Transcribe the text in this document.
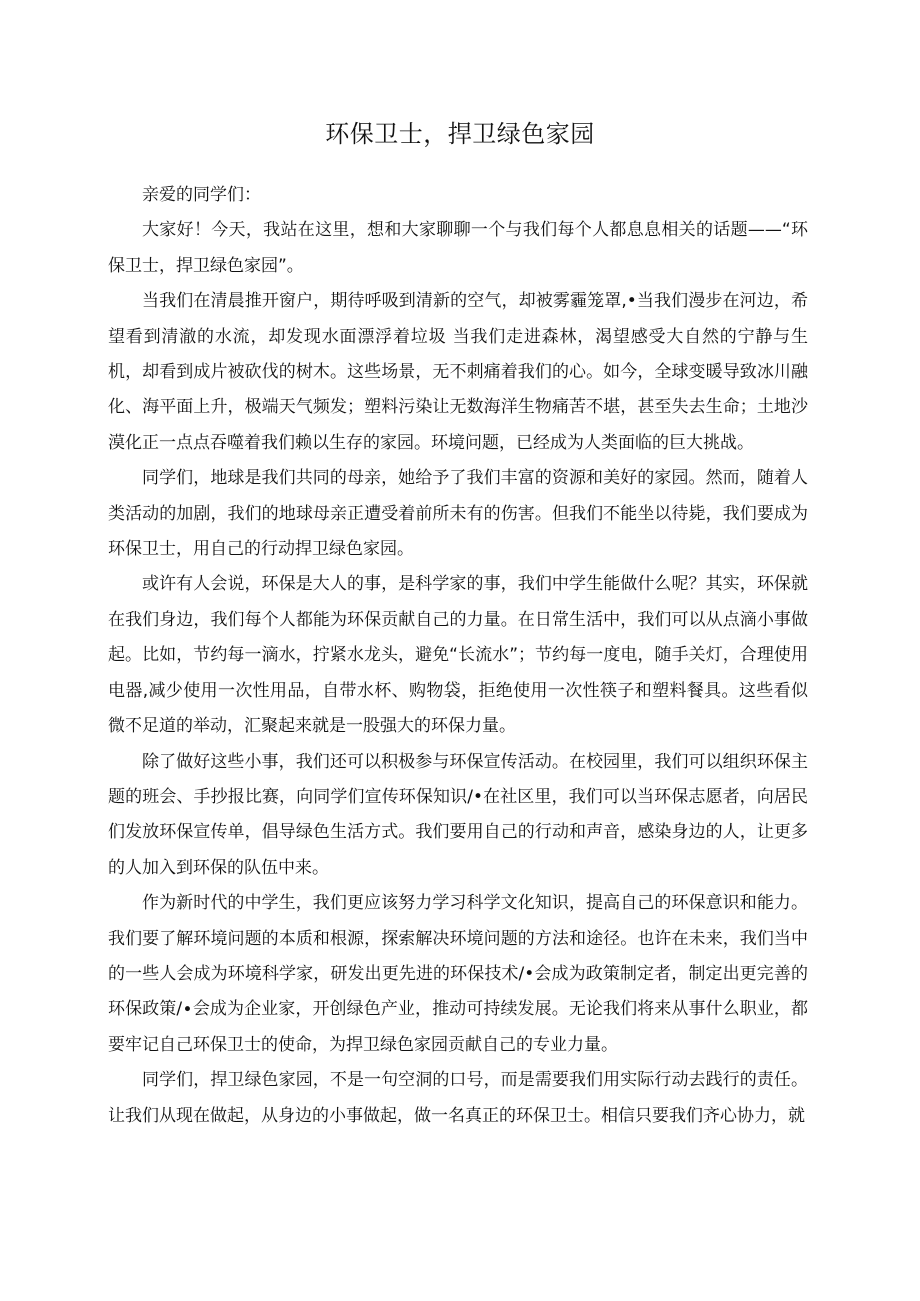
环保卫士，捍卫绿色家园

亲爱的同学们：

大家好！今天，我站在这里，想和大家聊聊一个与我们每个人都息息相关的话题——“环保卫士，捍卫绿色家园”。

当我们在清晨推开窗户，期待呼吸到清新的空气，却被雾霾笼罩,•当我们漫步在河边，希望看到清澈的水流，却发现水面漂浮着垃圾 当我们走进森林，渴望感受大自然的宁静与生机，却看到成片被砍伐的树木。这些场景，无不刺痛着我们的心。如今，全球变暖导致冰川融化、海平面上升，极端天气频发；塑料污染让无数海洋生物痛苦不堪，甚至失去生命；土地沙漠化正一点点吞噬着我们赖以生存的家园。环境问题，已经成为人类面临的巨大挑战。

同学们，地球是我们共同的母亲，她给予了我们丰富的资源和美好的家园。然而，随着人类活动的加剧，我们的地球母亲正遭受着前所未有的伤害。但我们不能坐以待毙，我们要成为环保卫士，用自己的行动捍卫绿色家园。

或许有人会说，环保是大人的事，是科学家的事，我们中学生能做什么呢？其实，环保就在我们身边，我们每个人都能为环保贡献自己的力量。在日常生活中，我们可以从点滴小事做起。比如，节约每一滴水，拧紧水龙头，避免“长流水”；节约每一度电，随手关灯，合理使用电器,减少使用一次性用品，自带水杯、购物袋，拒绝使用一次性筷子和塑料餐具。这些看似微不足道的举动，汇聚起来就是一股强大的环保力量。

除了做好这些小事，我们还可以积极参与环保宣传活动。在校园里，我们可以组织环保主题的班会、手抄报比赛，向同学们宣传环保知识/•在社区里，我们可以当环保志愿者，向居民们发放环保宣传单，倡导绿色生活方式。我们要用自己的行动和声音，感染身边的人，让更多的人加入到环保的队伍中来。

作为新时代的中学生，我们更应该努力学习科学文化知识，提高自己的环保意识和能力。我们要了解环境问题的本质和根源，探索解决环境问题的方法和途径。也许在未来，我们当中的一些人会成为环境科学家，研发出更先进的环保技术/•会成为政策制定者，制定出更完善的环保政策/∙会成为企业家，开创绿色产业，推动可持续发展。无论我们将来从事什么职业，都要牢记自己环保卫士的使命，为捍卫绿色家园贡献自己的专业力量。

同学们，捍卫绿色家园，不是一句空洞的口号，而是需要我们用实际行动去践行的责任。让我们从现在做起，从身边的小事做起，做一名真正的环保卫士。相信只要我们齐心协力，就
